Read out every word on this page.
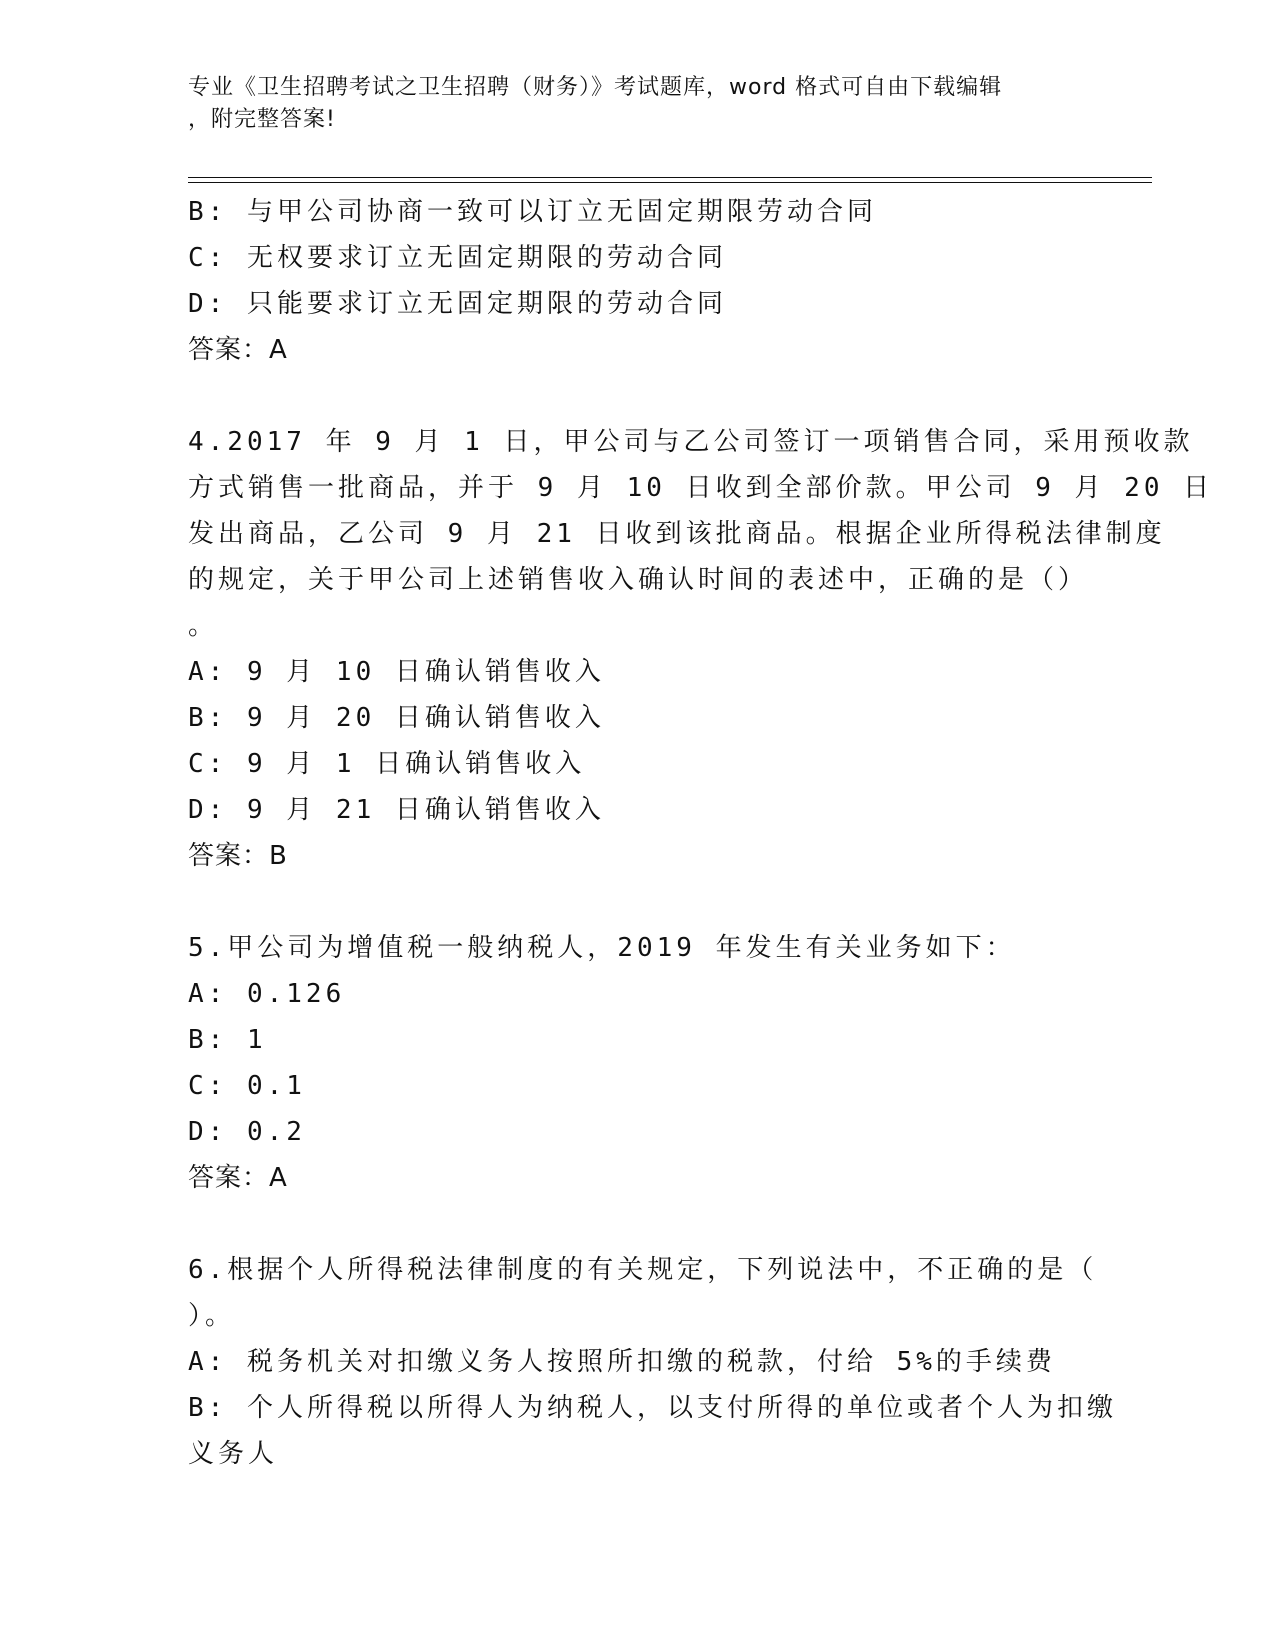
专业《卫生招聘考试之卫生招聘（财务）》考试题库，word 格式可自由下载编辑
，附完整答案!
B: 与甲公司协商一致可以订立无固定期限劳动合同
C: 无权要求订立无固定期限的劳动合同
D: 只能要求订立无固定期限的劳动合同
答案：A
4.2017 年 9 月 1 日，甲公司与乙公司签订一项销售合同，采用预收款
方式销售一批商品，并于 9 月 10 日收到全部价款。甲公司 9 月 20 日
发出商品，乙公司 9 月 21 日收到该批商品。根据企业所得税法律制度
的规定，关于甲公司上述销售收入确认时间的表述中，正确的是（）
。
A: 9 月 10 日确认销售收入
B: 9 月 20 日确认销售收入
C: 9 月 1 日确认销售收入
D: 9 月 21 日确认销售收入
答案：B
5.甲公司为增值税一般纳税人，2019 年发生有关业务如下：
A: 0.126
B: 1
C: 0.1
D: 0.2
答案：A
6.根据个人所得税法律制度的有关规定，下列说法中，不正确的是（
）。
A: 税务机关对扣缴义务人按照所扣缴的税款，付给 5%的手续费
B: 个人所得税以所得人为纳税人，以支付所得的单位或者个人为扣缴
义务人
